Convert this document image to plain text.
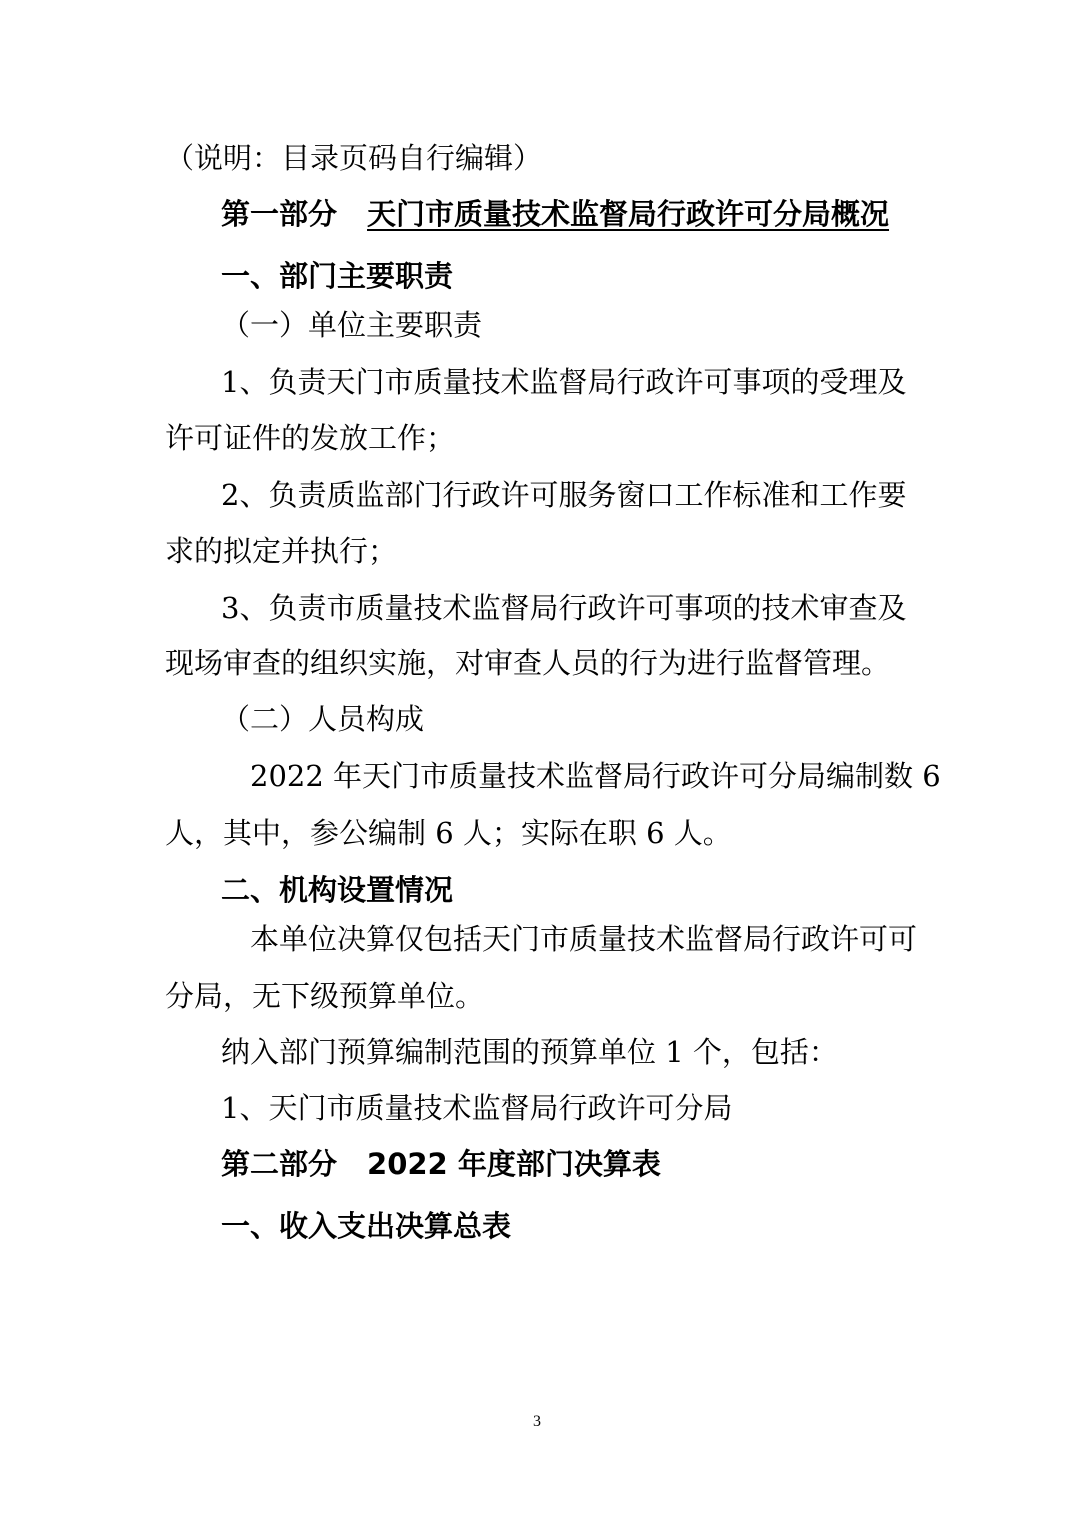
（说明：目录页码自行编辑）
第一部分 天门市质量技术监督局行政许可分局概况
一、部门主要职责
（一）单位主要职责
1、负责天门市质量技术监督局行政许可事项的受理及
许可证件的发放工作；
2、负责质监部门行政许可服务窗口工作标准和工作要
求的拟定并执行；
3、负责市质量技术监督局行政许可事项的技术审查及
现场审查的组织实施，对审查人员的行为进行监督管理。
（二）人员构成
2022 年天门市质量技术监督局行政许可分局编制数 6
人，其中，参公编制 6 人；实际在职 6 人。
二、机构设置情况
本单位决算仅包括天门市质量技术监督局行政许可可
分局，无下级预算单位。
纳入部门预算编制范围的预算单位 1 个，包括：
1、天门市质量技术监督局行政许可分局
第二部分 2022 年度部门决算表
一、收入支出决算总表
3
